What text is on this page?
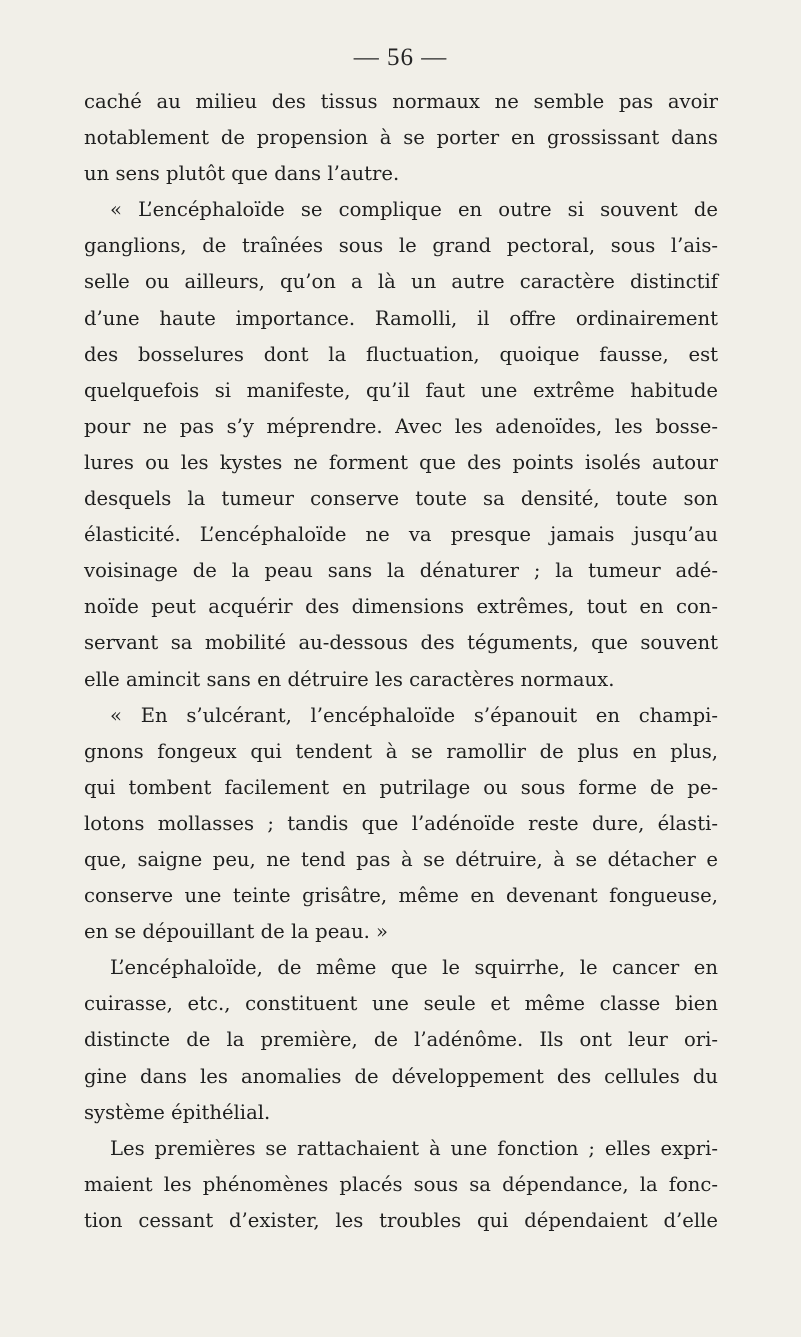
— 56 —
caché au milieu des tissus normaux ne semble pas avoir
notablement de propension à se porter en grossissant dans
un sens plutôt que dans l’autre.
« L’encéphaloïde se complique en outre si souvent de
ganglions, de traînées sous le grand pectoral, sous l’ais-
selle ou ailleurs, qu’on a là un autre caractère distinctif
d’une haute importance. Ramolli, il offre ordinairement
des bosselures dont la fluctuation, quoique fausse, est
quelquefois si manifeste, qu’il faut une extrême habitude
pour ne pas s’y méprendre. Avec les adenoïdes, les bosse-
lures ou les kystes ne forment que des points isolés autour
desquels la tumeur conserve toute sa densité, toute son
élasticité. L’encéphaloïde ne va presque jamais jusqu’au
voisinage de la peau sans la dénaturer ; la tumeur adé-
noïde peut acquérir des dimensions extrêmes, tout en con-
servant sa mobilité au-dessous des téguments, que souvent
elle amincit sans en détruire les caractères normaux.
« En s’ulcérant, l’encéphaloïde s’épanouit en champi-
gnons fongeux qui tendent à se ramollir de plus en plus,
qui tombent facilement en putrilage ou sous forme de pe-
lotons mollasses ; tandis que l’adénoïde reste dure, élasti-
que, saigne peu, ne tend pas à se détruire, à se détacher e
conserve une teinte grisâtre, même en devenant fongueuse,
en se dépouillant de la peau. »
L’encéphaloïde, de même que le squirrhe, le cancer en
cuirasse, etc., constituent une seule et même classe bien
distincte de la première, de l’adénôme. Ils ont leur ori-
gine dans les anomalies de développement des cellules du
système épithélial.
Les premières se rattachaient à une fonction ; elles expri-
maient les phénomènes placés sous sa dépendance, la fonc-
tion cessant d’exister, les troubles qui dépendaient d’elle
